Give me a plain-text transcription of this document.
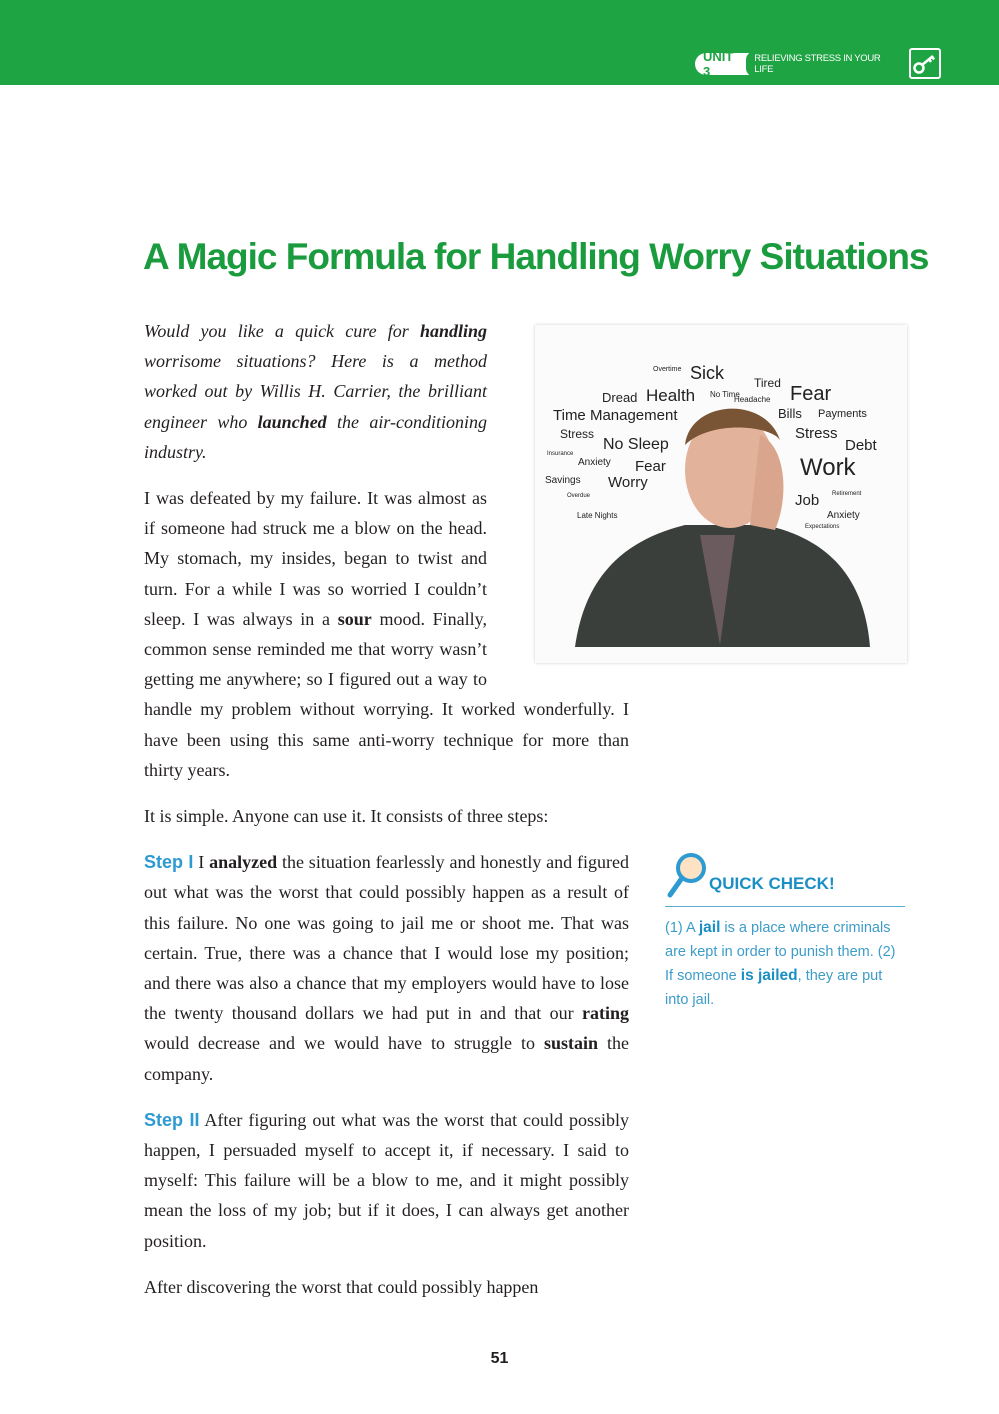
UNIT 3
RELIEVING STRESS IN YOUR LIFE
A Magic Formula for Handling Worry Situations

Would you like a quick cure for handling worrisome situations? Here is a method worked out by Willis H. Carrier, the brilliant engineer who launched the air-conditioning industry.

I was defeated by my failure. It was almost as if someone had struck me a blow on the head. My stomach, my insides, began to twist and turn. For a while I was so worried I couldn’t sleep. I was always in a sour mood. Finally, common sense reminded me that worry wasn’t getting me anywhere; so I figured out a way to handle my problem without worrying. It worked wonderfully. I have been using this same anti-worry technique for more than thirty years.

It is simple. Anyone can use it. It consists of three steps:

Step I I analyzed the situation fearlessly and honestly and figured out what was the worst that could possibly happen as a result of this failure. No one was going to jail me or shoot me. That was certain. True, there was a chance that I would lose my position; and there was also a chance that my employers would have to lose the twenty thousand dollars we had put in and that our rating would decrease and we would have to struggle to sustain the company.

Step II After figuring out what was the worst that could possibly happen, I persuaded myself to accept it, if necessary. I said to myself: This failure will be a blow to me, and it might possibly mean the loss of my job; but if it does, I can always get another position.

After discovering the worst that could possibly happen

Overtime Sick Tired
No Time
Headache Fear
Dread Health
Time Management	Bills Payments
Stress
No Sleep
Stress
Debt
Insurance
Anxiety Fear	Work
Savings Worry
Overdue	Job Retirement
Late Nights	Anxiety
Expectations
QUICK CHECK!
(1) A jail is a place where criminals are kept in order to punish them. (2) If someone is jailed, they are put into jail.
51
